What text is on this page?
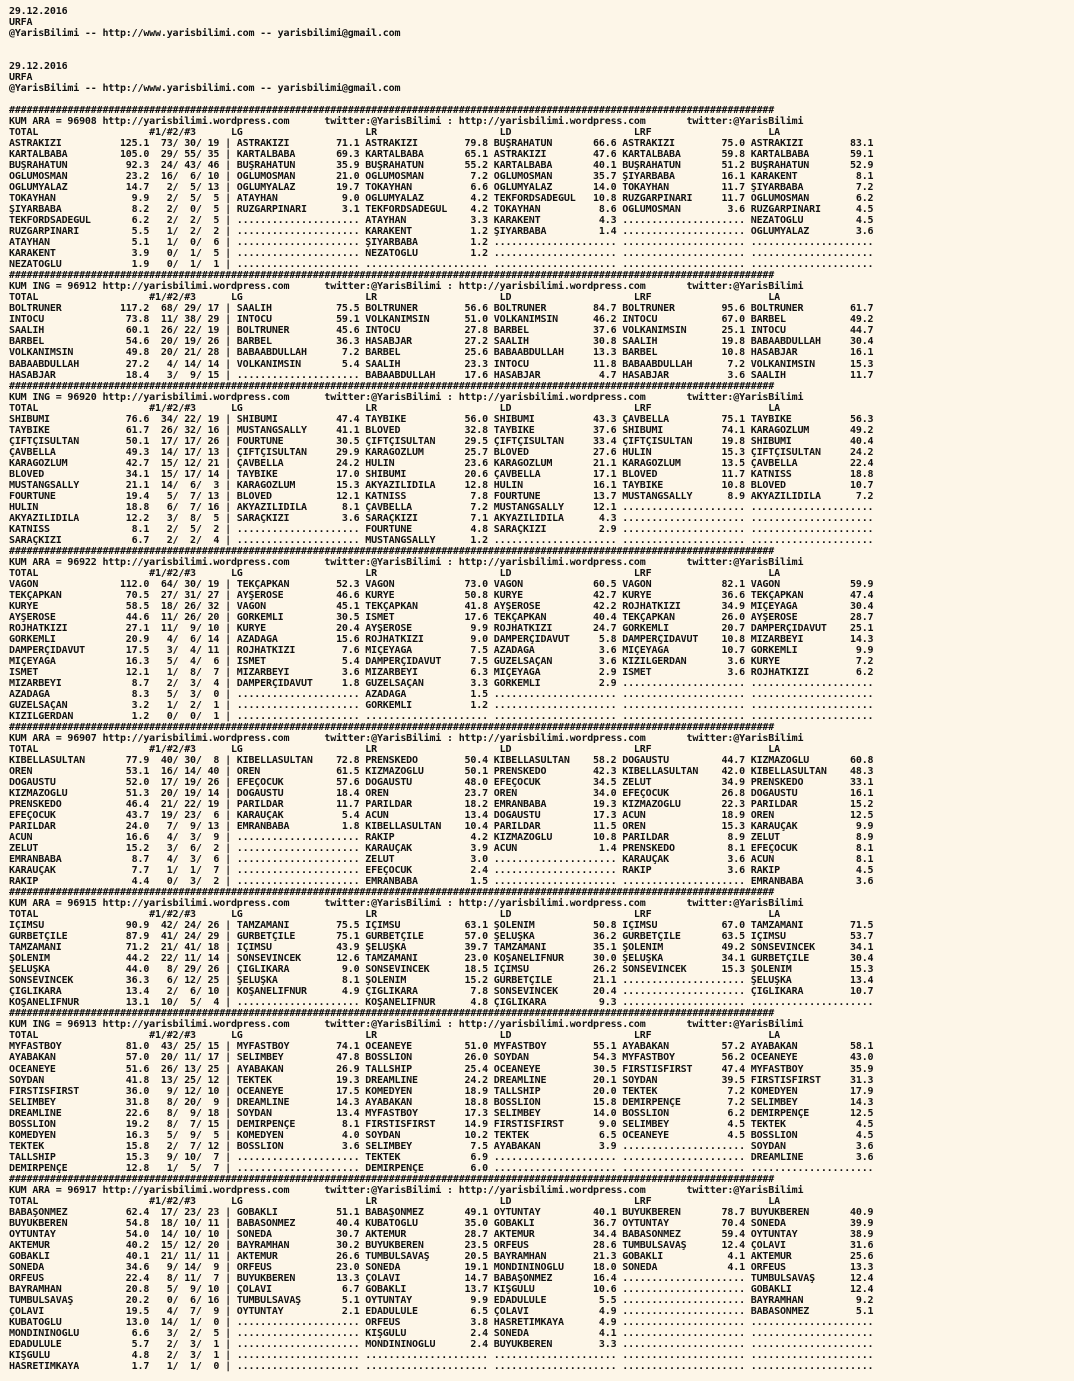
29.12.2016
URFA
@YarisBilimi -- http://www.yarisbilimi.com -- yarisbilimi@gmail.com

29.12.2016
URFA
@YarisBilimi -- http://www.yarisbilimi.com -- yarisbilimi@gmail.com

###################################################################################################################################
KUM ARA = 96908 http://yarisbilimi.wordpress.com      twitter:@YarisBilimi : http://yarisbilimi.wordpress.com       twitter:@YarisBilimi
TOTAL                   #1/#2/#3      LG                     LR                     LD                     LRF                    LA
ASTRAKIZI          125.1  73/ 30/ 19 | ASTRAKIZI        71.1 ASTRAKIZI        79.8 BUŞRAHATUN       66.6 ASTRAKIZI        75.0 ASTRAKIZI        83.1
KARTALBABA         105.0  29/ 55/ 35 | KARTALBABA       69.3 KARTALBABA       65.1 ASTRAKIZI        47.6 KARTALBABA       59.8 KARTALBABA       59.1
BUŞRAHATUN          92.3  24/ 43/ 46 | BUŞRAHATUN       35.9 BUŞRAHATUN       55.2 KARTALBABA       40.1 BUŞRAHATUN       51.2 BUŞRAHATUN       52.9
OĞLUMOSMAN          23.2  16/  6/ 10 | OĞLUMOSMAN       21.0 OĞLUMOSMAN        7.2 OĞLUMOSMAN       35.7 ŞİYARBABA        16.1 KARAKENT          8.1
OGLUMYALAZ          14.7   2/  5/ 13 | OGLUMYALAZ       19.7 TOKAYHAN          6.6 OGLUMYALAZ       14.0 TOKAYHAN         11.7 ŞİYARBABA         7.2
TOKAYHAN             9.9   2/  5/  5 | ATAYHAN           9.0 OGLUMYALAZ        4.2 TEKFORDSADEGÜL   10.8 RÜZGARPINARI     11.7 OĞLUMOSMAN        6.2
ŞİYARBABA            8.2   2/  0/  5 | RÜZGARPINARI      3.1 TEKFORDSADEGÜL    4.2 TOKAYHAN          8.6 OĞLUMOSMAN        3.6 RÜZGARPINARI      4.5
TEKFORDSADEGÜL       6.2   2/  2/  5 | ..................... ATAYHAN           3.3 KARAKENT          4.3 ..................... NEZATOGLU         4.5
RÜZGARPINARI         5.5   1/  2/  2 | ..................... KARAKENT          1.2 ŞİYARBABA         1.4 ..................... OGLUMYALAZ        3.6
ATAYHAN              5.1   1/  0/  6 | ..................... ŞİYARBABA         1.2 ..................... ..................... .....................
KARAKENT             3.9   0/  1/  5 | ..................... NEZATOGLU         1.2 ..................... ..................... .....................
NEZATOGLU            1.9   0/  1/  1 | ..................... ..................... ..................... ..................... .....................
###################################################################################################################################
KUM ING = 96912 http://yarisbilimi.wordpress.com      twitter:@YarisBilimi : http://yarisbilimi.wordpress.com       twitter:@YarisBilimi
TOTAL                   #1/#2/#3      LG                     LR                     LD                     LRF                    LA
BOLTRUNER          117.2  68/ 29/ 17 | SAALİH           75.5 BOLTRUNER        56.6 BOLTRUNER        84.7 BOLTRUNER        95.6 BOLTRUNER        61.7
INTOCU              73.8  11/ 38/ 29 | INTOCU           59.1 VOLKANIMSIN      51.0 VOLKANIMSIN      46.2 INTOCU           67.0 BARBEL           49.2
SAALİH              60.1  26/ 22/ 19 | BOLTRUNER        45.6 INTOCU           27.8 BARBEL           37.6 VOLKANIMSIN      25.1 INTOCU           44.7
BARBEL              54.6  20/ 19/ 26 | BARBEL           36.3 HASABJAR         27.2 SAALİH           30.8 SAALİH           19.8 BABAABDULLAH     30.4
VOLKANIMSIN         49.8  20/ 21/ 28 | BABAABDULLAH      7.2 BARBEL           25.6 BABAABDULLAH     13.3 BARBEL           10.8 HASABJAR         16.1
BABAABDULLAH        27.2   4/ 14/ 14 | VOLKANIMSIN       5.4 SAALİH           23.3 INTOCU           11.8 BABAABDULLAH      7.2 VOLKANIMSIN      15.3
HASABJAR            18.4   3/  9/ 15 | ..................... BABAABDULLAH     17.6 HASABJAR          4.7 HASABJAR          3.6 SAALİH           11.7
###################################################################################################################################
KUM ING = 96920 http://yarisbilimi.wordpress.com      twitter:@YarisBilimi : http://yarisbilimi.wordpress.com       twitter:@YarisBilimi
TOTAL                   #1/#2/#3      LG                     LR                     LD                     LRF                    LA
SHIBUMI             76.6  34/ 22/ 19 | SHIBUMI          47.4 TAYBİKE          56.0 SHIBUMI          43.3 ÇAVBELLA         75.1 TAYBİKE          56.3
TAYBİKE             61.7  26/ 32/ 16 | MUSTANGSALLY     41.1 BLOVED           32.8 TAYBİKE          37.6 SHIBUMI          74.1 KARAGÖZLÜM       49.2
ÇİFTÇİSULTAN        50.1  17/ 17/ 26 | FOURTUNE         30.5 ÇİFTÇİSULTAN     29.5 ÇİFTÇİSULTAN     33.4 ÇİFTÇİSULTAN     19.8 SHIBUMI          40.4
ÇAVBELLA            49.3  14/ 17/ 13 | ÇİFTÇİSULTAN     29.9 KARAGÖZLÜM       25.7 BLOVED           27.6 HULİN            15.3 ÇİFTÇİSULTAN     24.2
KARAGÖZLÜM          42.7  15/ 12/ 21 | ÇAVBELLA         24.2 HULİN            23.6 KARAGÖZLÜM       21.1 KARAGÖZLÜM       13.5 ÇAVBELLA         22.4
BLOVED              34.1  15/ 17/ 14 | TAYBİKE          17.0 SHIBUMI          20.6 ÇAVBELLA         17.1 BLOVED           11.7 KATNISS          18.8
MUSTANGSALLY        21.1  14/  6/  3 | KARAGÖZLÜM       15.3 AKYAZILIDİLA     12.8 HULİN            16.1 TAYBİKE          10.8 BLOVED           10.7
FOURTUNE            19.4   5/  7/ 13 | BLOVED           12.1 KATNISS           7.8 FOURTUNE         13.7 MUSTANGSALLY      8.9 AKYAZILIDİLA      7.2
HULİN               18.8   6/  7/ 16 | AKYAZILIDİLA      8.1 ÇAVBELLA          7.2 MUSTANGSALLY     12.1 ..................... .....................
AKYAZILIDİLA        12.2   3/  8/  5 | SARAÇKIZI         3.6 SARAÇKIZI         7.1 AKYAZILIDİLA      4.3 ..................... .....................
KATNISS              8.1   2/  5/  2 | ..................... FOURTUNE          4.8 SARAÇKIZI         2.9 ..................... .....................
SARAÇKIZI            6.7   2/  2/  4 | ..................... MUSTANGSALLY      1.2 ..................... ..................... .....................
###################################################################################################################################
KUM ARA = 96922 http://yarisbilimi.wordpress.com      twitter:@YarisBilimi : http://yarisbilimi.wordpress.com       twitter:@YarisBilimi
TOTAL                   #1/#2/#3      LG                     LR                     LD                     LRF                    LA
VAGON              112.0  64/ 30/ 19 | TEKÇAPKAN        52.3 VAGON            73.0 VAGON            60.5 VAGON            82.1 VAGON            59.9
TEKÇAPKAN           70.5  27/ 31/ 27 | AYŞEROSE         46.6 KURYE            50.8 KURYE            42.7 KURYE            36.6 TEKÇAPKAN        47.4
KURYE               58.5  18/ 26/ 32 | VAGON            45.1 TEKÇAPKAN        41.8 AYŞEROSE         42.2 ROJHATKIZI       34.9 MİÇEYAGA         30.4
AYŞEROSE            44.6  11/ 26/ 20 | GÖRKEMLİ         30.5 İSMET            17.6 TEKÇAPKAN        40.4 TEKÇAPKAN        26.0 AYŞEROSE         28.7
ROJHATKIZI          27.1  11/  9/ 10 | KURYE            20.4 AYŞEROSE          9.9 ROJHATKIZI       24.7 GÖRKEMLİ         20.7 DAMPERÇİDAVUT    25.1
GÖRKEMLİ            20.9   4/  6/ 14 | AZADAGA          15.6 ROJHATKIZI        9.0 DAMPERÇİDAVUT     5.8 DAMPERÇİDAVUT    10.8 MİZARBEYİ        14.3
DAMPERÇİDAVUT       17.5   3/  4/ 11 | ROJHATKIZI        7.6 MİÇEYAGA          7.5 AZADAGA           3.6 MİÇEYAGA         10.7 GÖRKEMLİ          9.9
MİÇEYAGA            16.3   5/  4/  6 | İSMET             5.4 DAMPERÇİDAVUT     7.5 GÜZELSAÇAN        3.6 KIZILGERDAN       3.6 KURYE             7.2
İSMET               12.1   1/  8/  7 | MİZARBEYİ         3.6 MİZARBEYİ         6.3 MİÇEYAGA          2.9 İSMET             3.6 ROJHATKIZI        6.2
MİZARBEYİ            8.7   2/  3/  4 | DAMPERÇİDAVUT     1.8 GÜZELSAÇAN        3.3 GÖRKEMLİ          2.9 ..................... .....................
AZADAGA              8.3   5/  3/  0 | ..................... AZADAGA           1.5 ..................... ..................... .....................
GÜZELSAÇAN           3.2   1/  2/  1 | ..................... GÖRKEMLİ          1.2 ..................... ..................... .....................
KIZILGERDAN          1.2   0/  0/  1 | ..................... ..................... ..................... ..................... .....................
###################################################################################################################################
KUM ARA = 96907 http://yarisbilimi.wordpress.com      twitter:@YarisBilimi : http://yarisbilimi.wordpress.com       twitter:@YarisBilimi
TOTAL                   #1/#2/#3      LG                     LR                     LD                     LRF                    LA
KİBELLASULTAN       77.9  40/ 30/  8 | KİBELLASULTAN    72.8 PRENSKEDO        50.4 KİBELLASULTAN    58.2 DOĞAÜSTÜ         44.7 KIZMAZOĞLU       60.8
ÖREN                53.1  16/ 14/ 40 | ÖREN             61.5 KIZMAZOĞLU       50.1 PRENSKEDO        42.3 KİBELLASULTAN    42.0 KİBELLASULTAN    48.3
DOĞAÜSTÜ            52.0  17/ 19/ 26 | EFEÇOCUK         57.6 DOĞAÜSTÜ         48.0 EFEÇOCUK         34.5 ZELUT            34.9 PRENSKEDO        33.1
KIZMAZOĞLU          51.3  20/ 19/ 14 | DOĞAÜSTÜ         18.4 ÖREN             23.7 ÖREN             34.0 EFEÇOCUK         26.8 DOĞAÜSTÜ         16.1
PRENSKEDO           46.4  21/ 22/ 19 | PARILDAR         11.7 PARILDAR         18.2 EMRANBABA        19.3 KIZMAZOĞLU       22.3 PARILDAR         15.2
EFEÇOCUK            43.7  19/ 23/  6 | KARAUÇAK          5.4 ACUN             13.4 DOĞAÜSTÜ         17.3 ACUN             18.9 ÖREN             12.5
PARILDAR            24.0   7/  9/ 13 | EMRANBABA         1.8 KİBELLASULTAN    10.4 PARILDAR         11.5 ÖREN             15.3 KARAUÇAK          9.9
ACUN                16.6   4/  3/  9 | ..................... RAKIP             4.2 KIZMAZOĞLU       10.8 PARILDAR          8.9 ZELUT             8.9
ZELUT               15.2   3/  6/  2 | ..................... KARAUÇAK          3.9 ACUN              1.4 PRENSKEDO         8.1 EFEÇOCUK          8.1
EMRANBABA            8.7   4/  3/  6 | ..................... ZELUT             3.0 ..................... KARAUÇAK          3.6 ACUN              8.1
KARAUÇAK             7.7   1/  1/  7 | ..................... EFEÇOCUK          2.4 ..................... RAKIP             3.6 RAKIP             4.5
RAKIP                4.4   0/  3/  2 | ..................... EMRANBABA         1.5 ..................... ..................... EMRANBABA         3.6
###################################################################################################################################
KUM ARA = 96915 http://yarisbilimi.wordpress.com      twitter:@YarisBilimi : http://yarisbilimi.wordpress.com       twitter:@YarisBilimi
TOTAL                   #1/#2/#3      LG                     LR                     LD                     LRF                    LA
İÇİMSU              90.9  42/ 24/ 26 | TAMZAMANI        75.5 İÇİMSU           63.1 ŞÖLENİM          50.8 İÇİMSU           67.0 TAMZAMANI        71.5
GURBETÇİLE          87.9  41/ 24/ 29 | GURBETÇİLE       75.1 GURBETÇİLE       57.0 ŞELUŞKA          36.2 GURBETÇİLE       63.5 İÇİMSU           53.7
TAMZAMANI           71.2  21/ 41/ 18 | İÇİMSU           43.9 ŞELUŞKA          39.7 TAMZAMANI        35.1 ŞÖLENİM          49.2 SONSEVİNCEK      34.1
ŞÖLENİM             44.2  22/ 11/ 14 | SONSEVİNCEK      12.6 TAMZAMANI        23.0 KOŞANELİFNUR     30.0 ŞELUŞKA          34.1 GURBETÇİLE       30.4
ŞELUŞKA             44.0   8/ 29/ 26 | ÇIGLIKARA         9.0 SONSEVİNCEK      18.5 İÇİMSU           26.2 SONSEVİNCEK      15.3 ŞÖLENİM          15.3
SONSEVİNCEK         36.3   6/ 12/ 25 | ŞELUŞKA           8.1 ŞÖLENİM          15.2 GURBETÇİLE       21.1 ..................... ŞELUŞKA          13.4
ÇIGLIKARA           13.4   2/  6/ 10 | KOŞANELİFNUR      4.9 ÇIGLIKARA         7.8 SONSEVİNCEK      20.4 ..................... ÇIGLIKARA        10.7
KOŞANELİFNUR        13.1  10/  5/  4 | ..................... KOŞANELİFNUR      4.8 ÇIGLIKARA         9.3 ..................... .....................
###################################################################################################################################
KUM ING = 96913 http://yarisbilimi.wordpress.com      twitter:@YarisBilimi : http://yarisbilimi.wordpress.com       twitter:@YarisBilimi
TOTAL                   #1/#2/#3      LG                     LR                     LD                     LRF                    LA
MYFASTBOY           81.0  43/ 25/ 15 | MYFASTBOY        74.1 OCEANEYE         51.0 MYFASTBOY        55.1 AYABAKAN         57.2 AYABAKAN         58.1
AYABAKAN            57.0  20/ 11/ 17 | SELİMBEY         47.8 BOSSLION         26.0 SOYDAN           54.3 MYFASTBOY        56.2 OCEANEYE         43.0
OCEANEYE            51.6  26/ 13/ 25 | AYABAKAN         26.9 TALLSHIP         25.4 OCEANEYE         30.5 FIRSTISFIRST     47.4 MYFASTBOY        35.9
SOYDAN              41.8  13/ 25/ 12 | TEKTEK           19.3 DREAMLINE        24.2 DREAMLINE        20.1 SOYDAN           39.5 FIRSTISFIRST     31.3
FIRSTISFIRST        36.0   9/ 12/ 10 | OCEANEYE         17.5 KOMEDYEN         18.9 TALLSHIP         20.0 TEKTEK            7.2 KOMEDYEN         17.9
SELİMBEY            31.8   8/ 20/  9 | DREAMLINE        14.3 AYABAKAN         18.8 BOSSLION         15.8 DEMİRPENÇE        7.2 SELİMBEY         14.3
DREAMLINE           22.6   8/  9/ 18 | SOYDAN           13.4 MYFASTBOY        17.3 SELİMBEY         14.0 BOSSLION          6.2 DEMİRPENÇE       12.5
BOSSLION            19.2   8/  7/ 15 | DEMİRPENÇE        8.1 FIRSTISFIRST     14.9 FIRSTISFIRST      9.0 SELİMBEY          4.5 TEKTEK            4.5
KOMEDYEN            16.3   5/  9/  5 | KOMEDYEN          4.0 SOYDAN           10.2 TEKTEK            6.5 OCEANEYE          4.5 BOSSLION          4.5
TEKTEK              15.8   2/  7/ 12 | BOSSLION          3.6 SELİMBEY          7.5 AYABAKAN          3.9 ..................... SOYDAN            3.6
TALLSHIP            15.3   9/ 10/  7 | ..................... TEKTEK            6.9 ..................... ..................... DREAMLINE         3.6
DEMİRPENÇE          12.8   1/  5/  7 | ..................... DEMİRPENÇE        6.0 ..................... ..................... .....................
###################################################################################################################################
KUM ARA = 96917 http://yarisbilimi.wordpress.com      twitter:@YarisBilimi : http://yarisbilimi.wordpress.com       twitter:@YarisBilimi
TOTAL                   #1/#2/#3      LG                     LR                     LD                     LRF                    LA
BABAŞONMEZ          62.4  17/ 23/ 23 | GOBAKLI          51.1 BABAŞONMEZ       49.1 OYTUNTAY         40.1 BUYUKBEREN       78.7 BUYUKBEREN       40.9
BUYUKBEREN          54.8  18/ 10/ 11 | BABASONMEZ       40.4 KUBATOGLU        35.0 GOBAKLI          36.7 OYTUNTAY         70.4 SONEDA           39.9
OYTUNTAY            54.0  14/ 10/ 10 | SONEDA           30.7 AKTEMUR          28.7 AKTEMUR          34.4 BABASONMEZ       59.4 OYTUNTAY         38.9
AKTEMUR             40.2  15/ 12/ 20 | BAYRAMHAN        30.2 BUYUKBEREN       23.5 ORFEUS           28.6 TUMBULSAVAŞ      12.4 ÇOLAVI           31.6
GOBAKLI             40.1  21/ 11/ 11 | AKTEMUR          26.6 TUMBULSAVAŞ      20.5 BAYRAMHAN        21.3 GOBAKLI           4.1 AKTEMUR          25.6
SONEDA              34.6   9/ 14/  9 | ORFEUS           23.0 SONEDA           19.1 MONDİNİNOĞLU     18.0 SONEDA            4.1 ORFEUS           13.3
ORFEUS              22.4   8/ 11/  7 | BUYUKBEREN       13.3 ÇOLAVI           14.7 BABAŞONMEZ       16.4 ..................... TUMBULSAVAŞ      12.4
BAYRAMHAN           20.8   5/  9/ 10 | ÇOLAVI            6.7 GOBAKLI          13.7 KIŞGÜLÜ          10.6 ..................... GOBAKLI          12.4
TUMBULSAVAŞ         20.2   0/  6/ 16 | TUMBULSAVAŞ       5.1 OYTUNTAY          9.9 EDADULÜLE         5.5 ..................... BAYRAMHAN         9.2
ÇOLAVI              19.5   4/  7/  9 | OYTUNTAY          2.1 EDADULÜLE         6.5 ÇOLAVI            4.9 ..................... BABASONMEZ        5.1
KUBATOĞLU           13.0  14/  1/  0 | ..................... ORFEUS            3.8 HASRETİMKAYA      4.9 ..................... .....................
MONDİNİNOĞLU         6.6   3/  2/  5 | ..................... KIŞGÜLÜ           2.4 SONEDA            4.1 ..................... .....................
EDADULÜLE            5.7   2/  3/  1 | ..................... MONDİNİNOĞLU      2.4 BUYUKBEREN        3.3 ..................... .....................
KIŞGÜLÜ              4.8   2/  3/  1 | ..................... ..................... ..................... ..................... .....................
HASRETİMKAYA         1.7   1/  1/  0 | ..................... ..................... ..................... ..................... .....................
